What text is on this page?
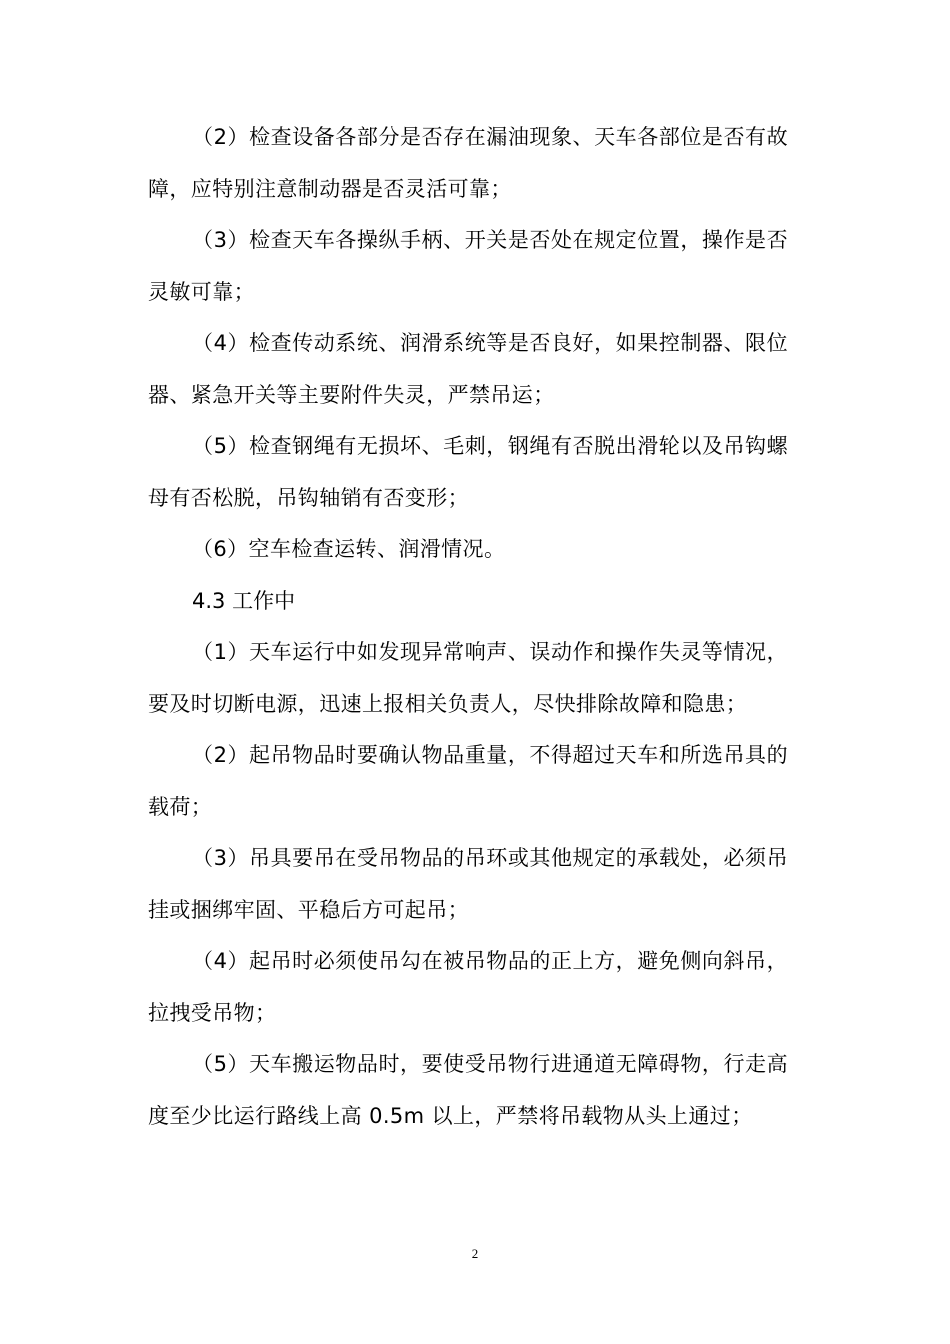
（2）检查设备各部分是否存在漏油现象、天车各部位是否有故障，应特别注意制动器是否灵活可靠；

（3）检查天车各操纵手柄、开关是否处在规定位置，操作是否灵敏可靠；

（4）检查传动系统、润滑系统等是否良好，如果控制器、限位器、紧急开关等主要附件失灵，严禁吊运；

（5）检查钢绳有无损坏、毛刺，钢绳有否脱出滑轮以及吊钩螺母有否松脱，吊钩轴销有否变形；

（6）空车检查运转、润滑情况。

4.3 工作中

（1）天车运行中如发现异常响声、误动作和操作失灵等情况，要及时切断电源，迅速上报相关负责人，尽快排除故障和隐患；

（2）起吊物品时要确认物品重量，不得超过天车和所选吊具的载荷；

（3）吊具要吊在受吊物品的吊环或其他规定的承载处，必须吊挂或捆绑牢固、平稳后方可起吊；

（4）起吊时必须使吊勾在被吊物品的正上方，避免侧向斜吊，拉拽受吊物；

（5）天车搬运物品时，要使受吊物行进通道无障碍物，行走高度至少比运行路线上高 0.5m 以上，严禁将吊载物从头上通过；

2
